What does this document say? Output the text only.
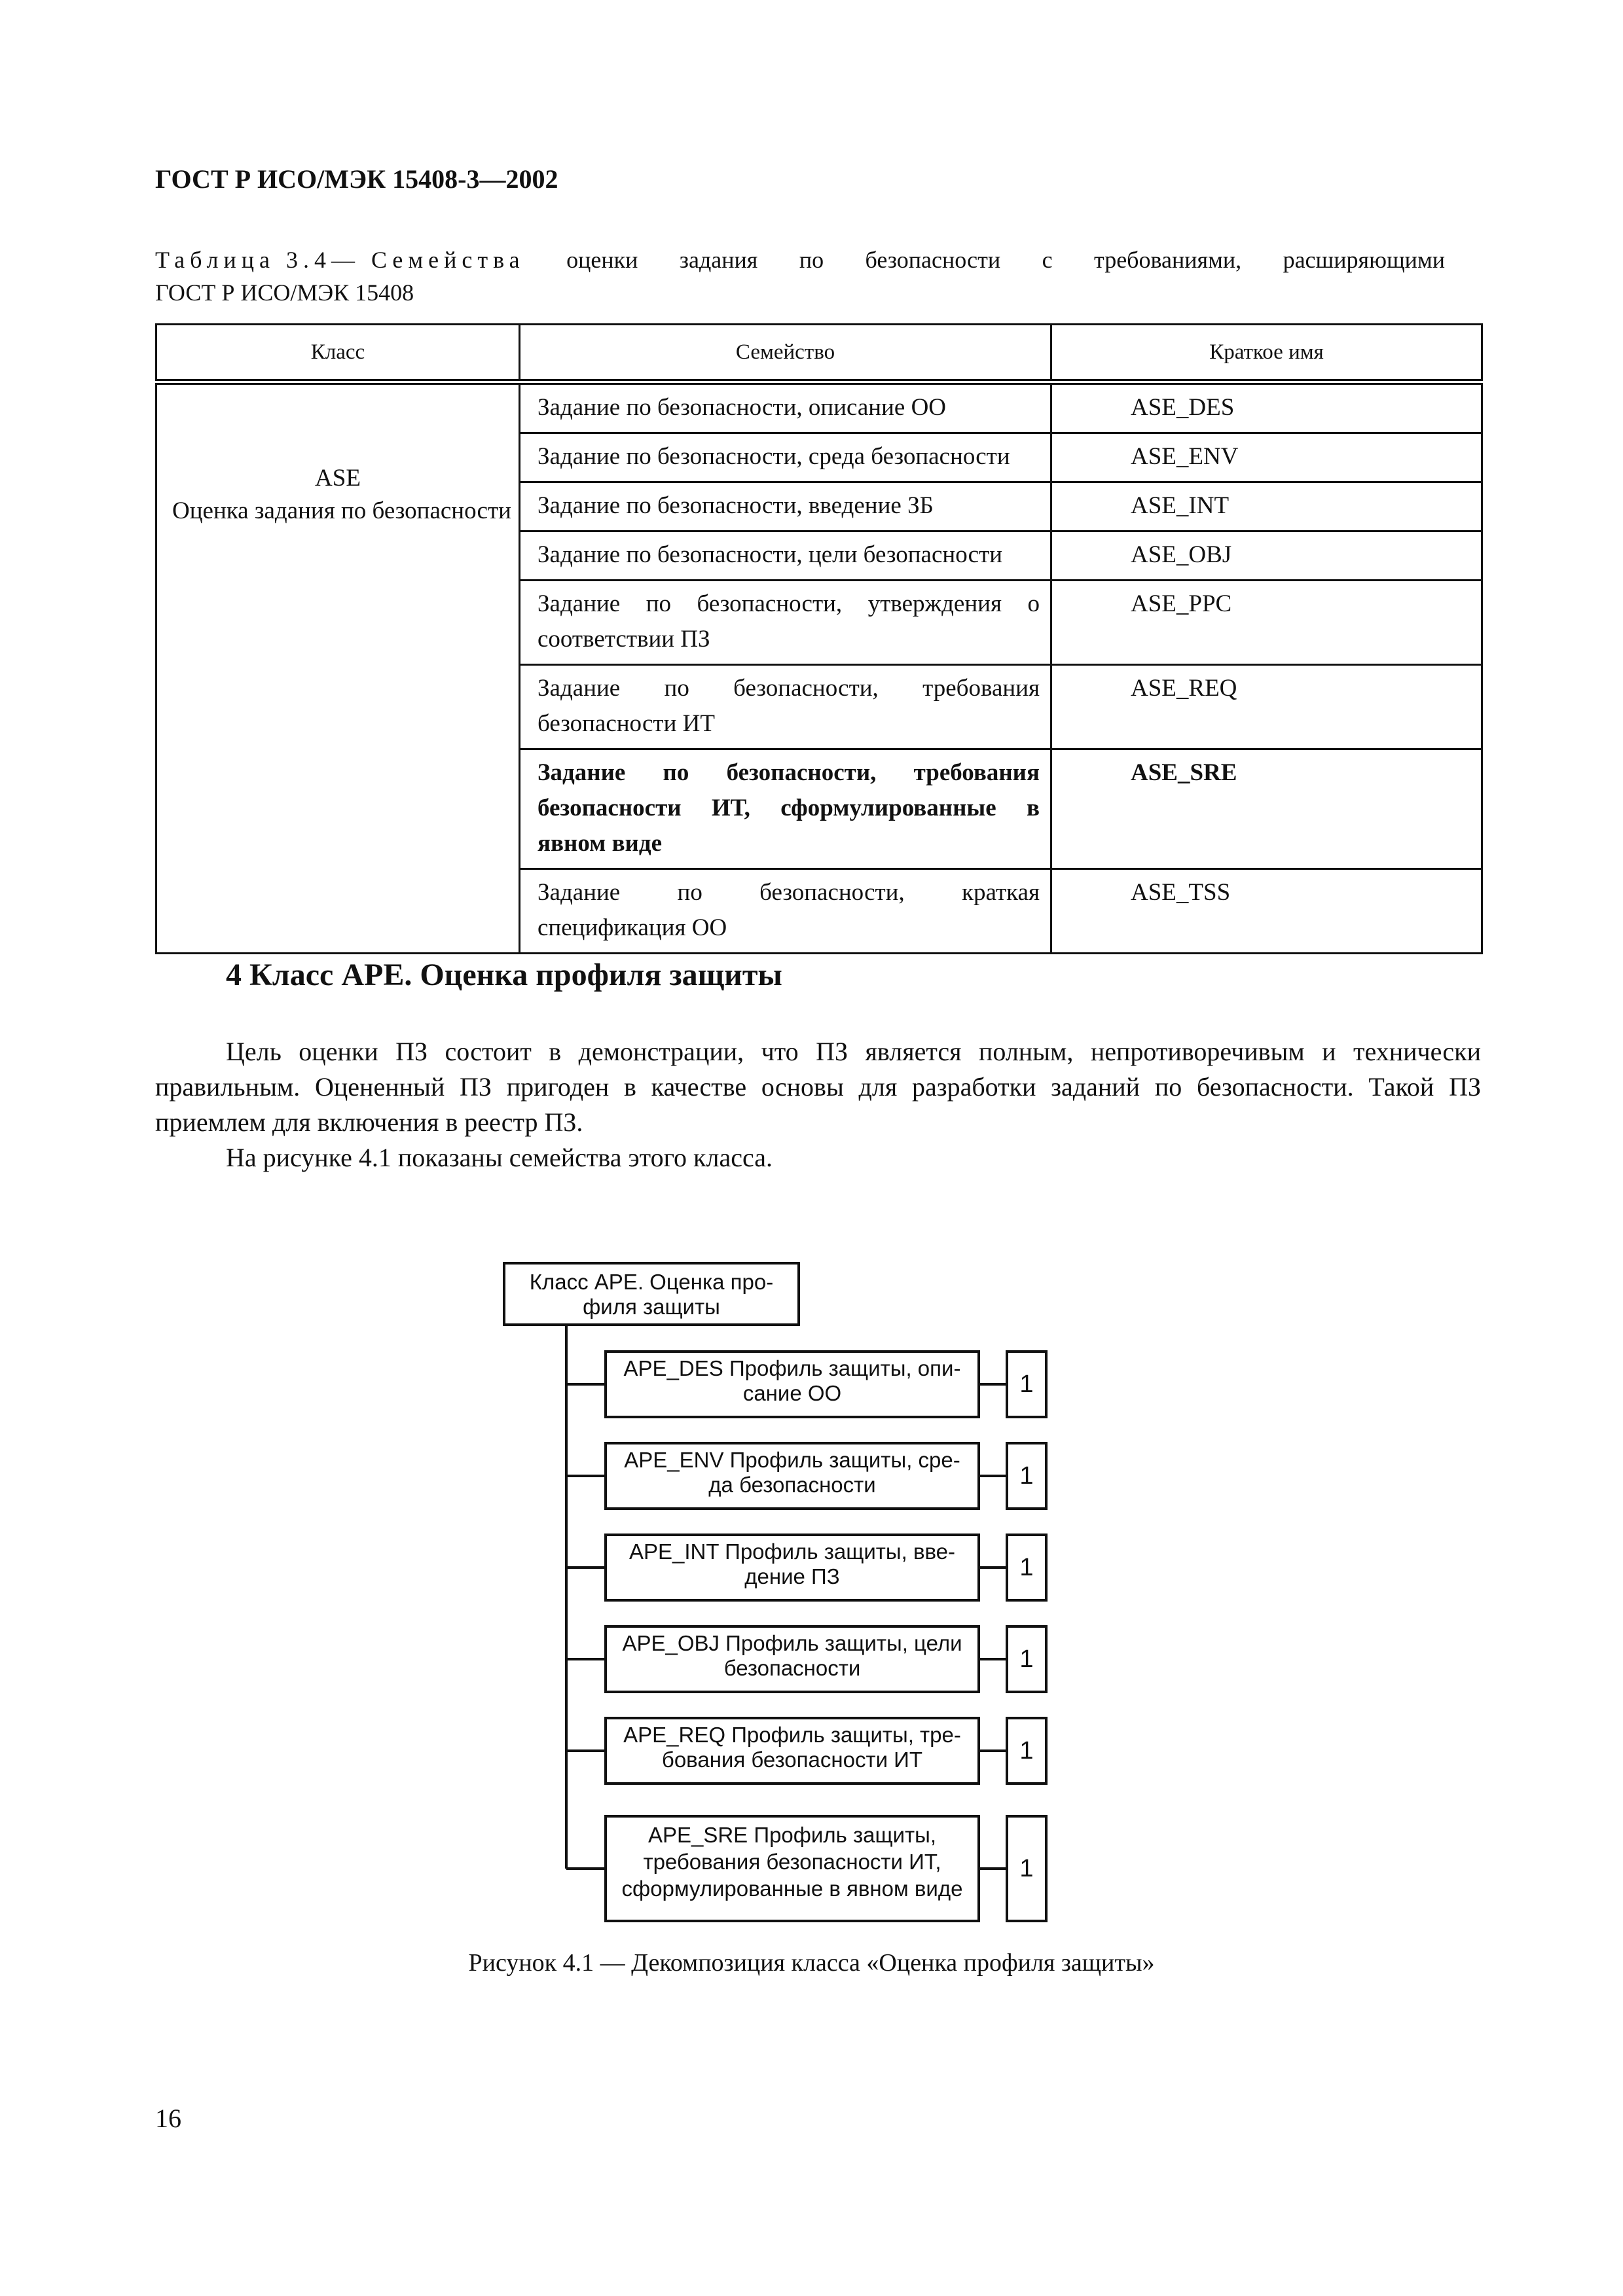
ГОСТ Р ИСО/МЭК 15408-3—2002
Таблица 3.4— Семейства оценки задания по безопасности с требованиями, расширяющими
ГОСТ Р ИСО/МЭК 15408
Класс	Семейство	Краткое имя

ASE
Оценка задания по безопасности	Задание по безопасности, описание ОО	ASE_DES
	Задание по безопасности, среда безопасности	ASE_ENV
	Задание по безопасности, введение ЗБ	ASE_INT
	Задание по безопасности, цели безопасности	ASE_OBJ
	Задание по безопасности, утверждения о соответствии ПЗ	ASE_PPC
	Задание по безопасности, требования безопасности ИТ	ASE_REQ
	Задание по безопасности, требования безопасности ИТ, сформулированные в явном виде	ASE_SRE
	Задание по безопасности, краткая спецификация ОО	ASE_TSS
4 Класс АРЕ. Оценка профиля защиты

Цель оценки ПЗ состоит в демонстрации, что ПЗ является полным, непротиворечивым и технически правильным. Оцененный ПЗ пригоден в качестве основы для разработки заданий по безопасности. Такой ПЗ приемлем для включения в реестр ПЗ.

На рисунке 4.1 показаны семейства этого класса.

Класс APE. Оценка про-
филя защиты
APE_DES Профиль защиты, опи-
сание ОО
APE_ENV Профиль защиты, сре-
да безопасности
APE_INT Профиль защиты, вве-
дение ПЗ
APE_OBJ Профиль защиты, цели
безопасности
APE_REQ Профиль защиты, тре-
бования безопасности ИТ
APE_SRE Профиль защиты,
требования безопасности ИТ,
сформулированные в явном виде
1
1
1
1
1
1
Рисунок 4.1 — Декомпозиция класса «Оценка профиля защиты»
16
